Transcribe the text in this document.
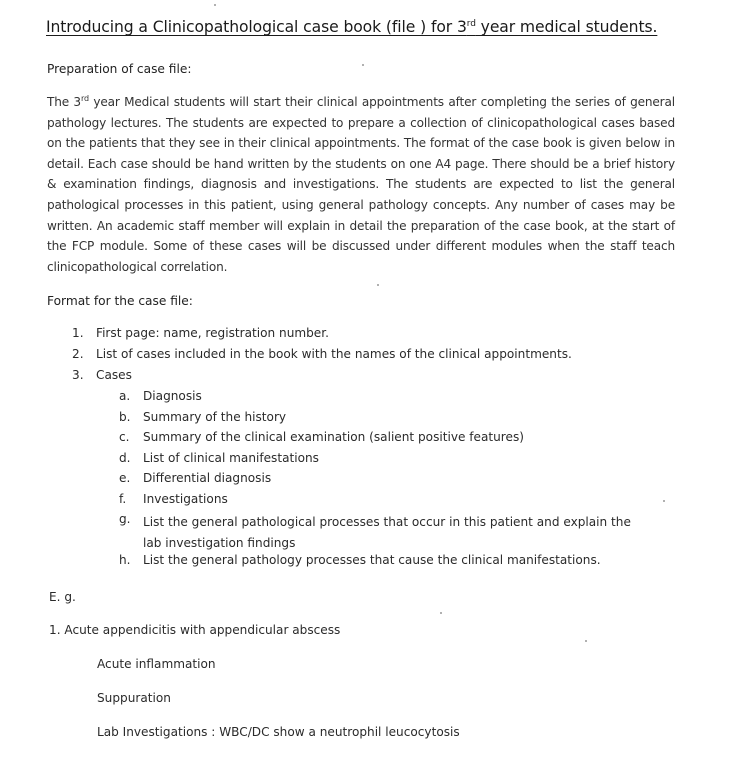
Introducing a Clinicopathological case book (file ) for 3rd year medical students.
Preparation of case file:
The 3rd year Medical students will start their clinical appointments after completing the series of general pathology lectures. The students are expected to prepare a collection of clinicopathological cases based on the patients that they see in their clinical appointments. The format of the case book is given below in detail. Each case should be hand written by the students on one A4 page. There should be a brief history & examination findings, diagnosis and investigations. The students are expected to list the general pathological processes in this patient, using general pathology concepts. Any number of cases may be written. An academic staff member will explain in detail the preparation of the case book, at the start of the FCP module. Some of these cases will be discussed under different modules when the staff teach clinicopathological correlation.
Format for the case file:
1. First page: name, registration number.
2. List of cases included in the book with the names of the clinical appointments.
3. Cases
a. Diagnosis
b. Summary of the history
c. Summary of the clinical examination (salient positive features)
d. List of clinical manifestations
e. Differential diagnosis
f. Investigations
g. List the general pathological processes that occur in this patient and explain the lab investigation findings
h. List the general pathology processes that cause the clinical manifestations.
E. g.
1. Acute appendicitis with appendicular abscess
Acute inflammation
Suppuration
Lab Investigations : WBC/DC show a neutrophil leucocytosis
